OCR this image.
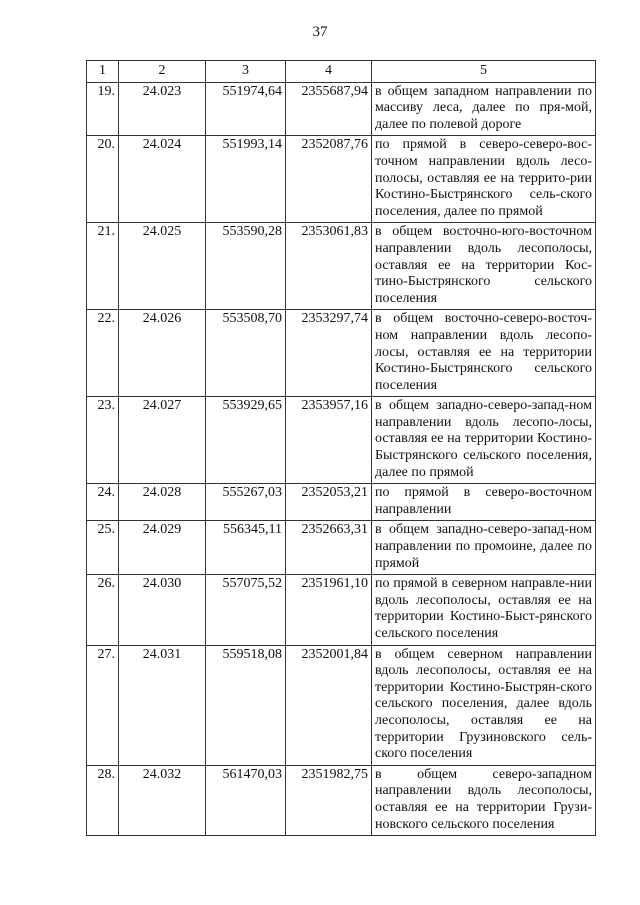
37
1	2	3	4	5
19.	24.023	551974,64	2355687,94	в общем западном направлении по массиву леса, далее по пря-мой, далее по полевой дороге
20.	24.024	551993,14	2352087,76	по прямой в северо-северо-вос-точном направлении вдоль лесо-полосы, оставляя ее на террито-рии Костино-Быстрянского сель-ского поселения, далее по прямой
21.	24.025	553590,28	2353061,83	в общем восточно-юго-восточном направлении вдоль лесополосы, оставляя ее на территории Кос-тино-Быстрянского сельского поселения
22.	24.026	553508,70	2353297,74	в общем восточно-северо-восточ-ном направлении вдоль лесопо-лосы, оставляя ее на территории Костино-Быстрянского сельского поселения
23.	24.027	553929,65	2353957,16	в общем западно-северо-запад-ном направлении вдоль лесопо-лосы, оставляя ее на территории Костино-Быстрянского сельского поселения, далее по прямой
24.	24.028	555267,03	2352053,21	по прямой в северо-восточном направлении
25.	24.029	556345,11	2352663,31	в общем западно-северо-запад-ном направлении по промоине, далее по прямой
26.	24.030	557075,52	2351961,10	по прямой в северном направле-нии вдоль лесополосы, оставляя ее на территории Костино-Быст-рянского сельского поселения
27.	24.031	559518,08	2352001,84	в общем северном направлении вдоль лесополосы, оставляя ее на территории Костино-Быстрян-ского сельского поселения, далее вдоль лесополосы, оставляя ее на территории Грузиновского сель-ского поселения
28.	24.032	561470,03	2351982,75	в общем северо-западном направлении вдоль лесополосы, оставляя ее на территории Грузи-новского сельского поселения
